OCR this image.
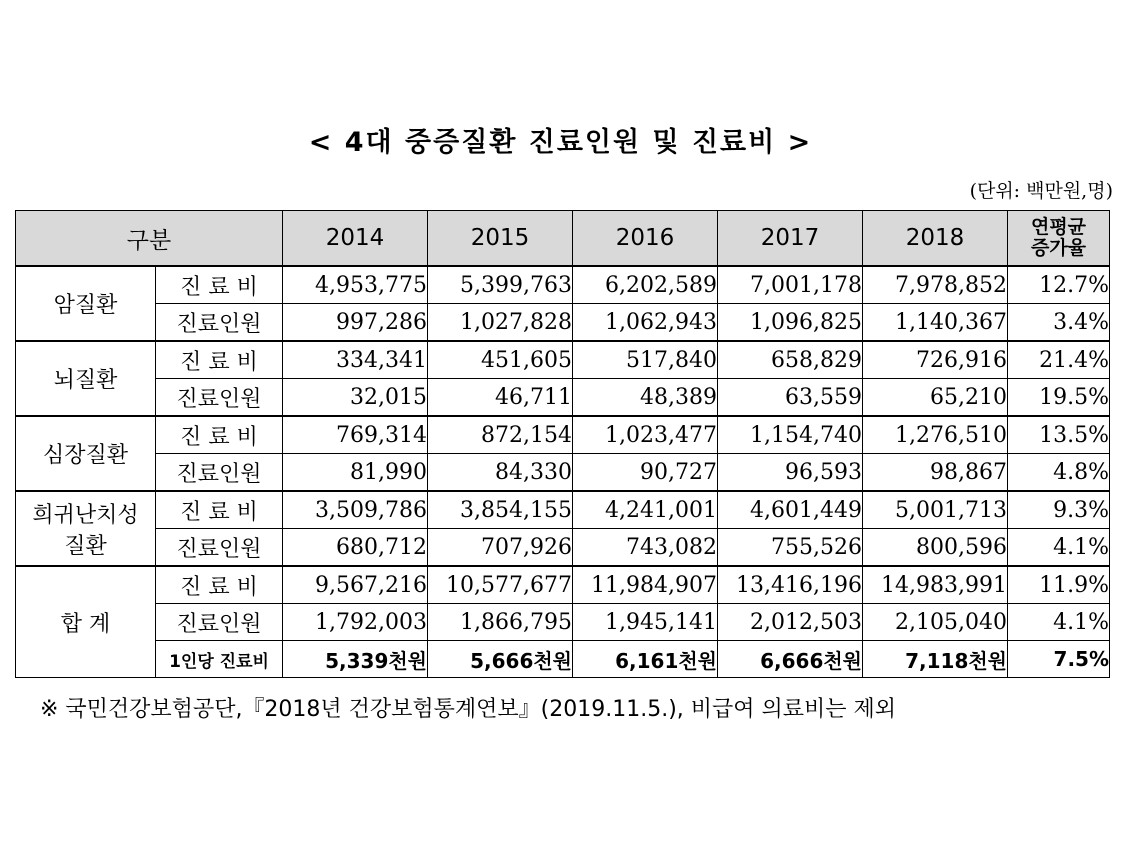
< 4대 중증질환 진료인원 및 진료비 >
(단위: 백만원,명)
구분		2014	2015	2016	2017	2018	연평균
증가율
암질환	진 료 비	4,953,775	5,399,763	6,202,589	7,001,178	7,978,852	12.7%
	진료인원	997,286	1,027,828	1,062,943	1,096,825	1,140,367	3.4%
뇌질환	진 료 비	334,341	451,605	517,840	658,829	726,916	21.4%
	진료인원	32,015	46,711	48,389	63,559	65,210	19.5%
심장질환	진 료 비	769,314	872,154	1,023,477	1,154,740	1,276,510	13.5%
	진료인원	81,990	84,330	90,727	96,593	98,867	4.8%
희귀난치성
질환	진 료 비	3,509,786	3,854,155	4,241,001	4,601,449	5,001,713	9.3%
	진료인원	680,712	707,926	743,082	755,526	800,596	4.1%
합 계	진 료 비	9,567,216	10,577,677	11,984,907	13,416,196	14,983,991	11.9%
	진료인원	1,792,003	1,866,795	1,945,141	2,012,503	2,105,040	4.1%
	1인당 진료비	5,339천원	5,666천원	6,161천원	6,666천원	7,118천원	7.5%
※ 국민건강보험공단,『2018년 건강보험통계연보』(2019.11.5.), 비급여 의료비는 제외
